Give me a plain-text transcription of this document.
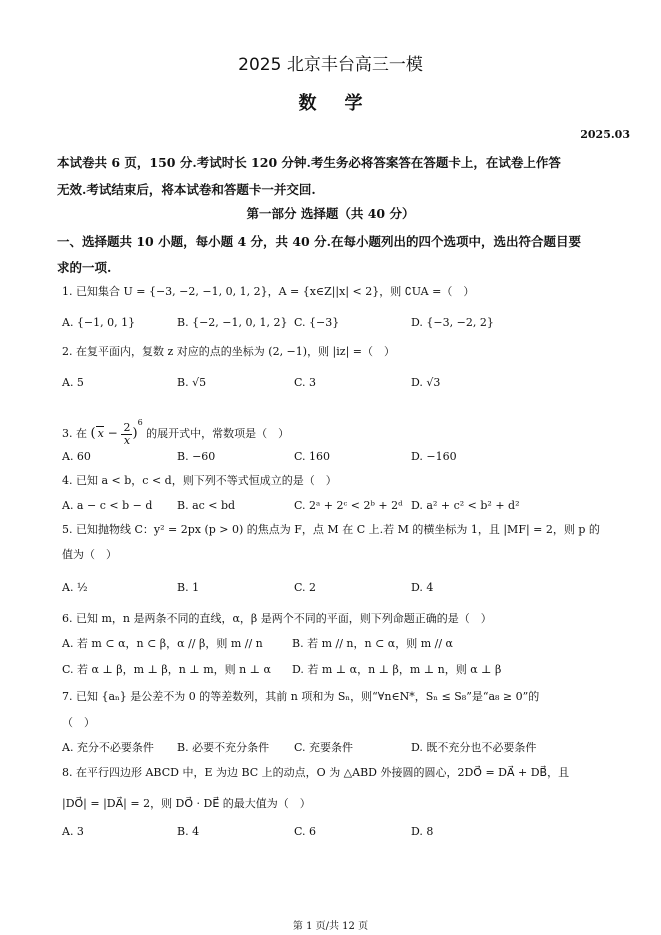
2025 北京丰台高三一模
数学
2025.03

本试卷共 6 页，150 分.考试时长 120 分钟.考生务必将答案答在答题卡上，在试卷上作答

无效.考试结束后，将本试卷和答题卡一并交回.

第一部分 选择题（共 40 分）
一、选择题共 10 小题，每小题 4 分，共 40 分.在每小题列出的四个选项中，选出符合题目要
求的一项.
1. 已知集合 U = {−3, −2, −1, 0, 1, 2}，A = {x∈Z||x| < 2}，则 ∁UA =（　）
A. {−1, 0, 1}	B. {−2, −1, 0, 1, 2} C. {−3}	D. {−3, −2, 2}
2. 在复平面内，复数 z 对应的点的坐标为 (2, −1)，则 |iz| =（　）
A. 5	B. √5	C. 3	D. √3
3. 在 ( $x - \frac{2}{x} )^6$ 的展开式中，常数项是（　）
A. 60	B. −60	C. 160	D. −160
4. 已知 a < b，c < d，则下列不等式恒成立的是（　）
A. a − c < b − d B. ac < bd	C. 2ᵃ + 2ᶜ < 2ᵇ + 2ᵈ D. a² + c² < b² + d²
5. 已知抛物线 C：y² = 2px (p > 0) 的焦点为 F，点 M 在 C 上.若 M 的横坐标为 1，且 |MF| = 2，则 p 的
值为（　）
A. ½	B. 1	C. 2	D. 4
6. 已知 m，n 是两条不同的直线，α，β 是两个不同的平面，则下列命题正确的是（　）
A. 若 m ⊂ α，n ⊂ β，α // β，则 m // n	B. 若 m // n，n ⊂ α，则 m // α
C. 若 α ⊥ β，m ⊥ β，n ⊥ m，则 n ⊥ α D. 若 m ⊥ α，n ⊥ β，m ⊥ n，则 α ⊥ β
7. 已知 {aₙ} 是公差不为 0 的等差数列，其前 n 项和为 Sₙ，则“∀n∈N*，Sₙ ≤ S₈”是“a₈ ≥ 0”的
（　）
A. 充分不必要条件 B. 必要不充分条件 C. 充要条件	D. 既不充分也不必要条件
8. 在平行四边形 ABCD 中，E 为边 BC 上的动点，O 为 △ABD 外接圆的圆心，2DO⃗ = DA⃗ + DB⃗，且
|DO⃗| = |DA⃗| = 2，则 DO⃗ · DE⃗ 的最大值为（　）
A. 3	B. 4	C. 6	D. 8
第 1 页/共 12 页
